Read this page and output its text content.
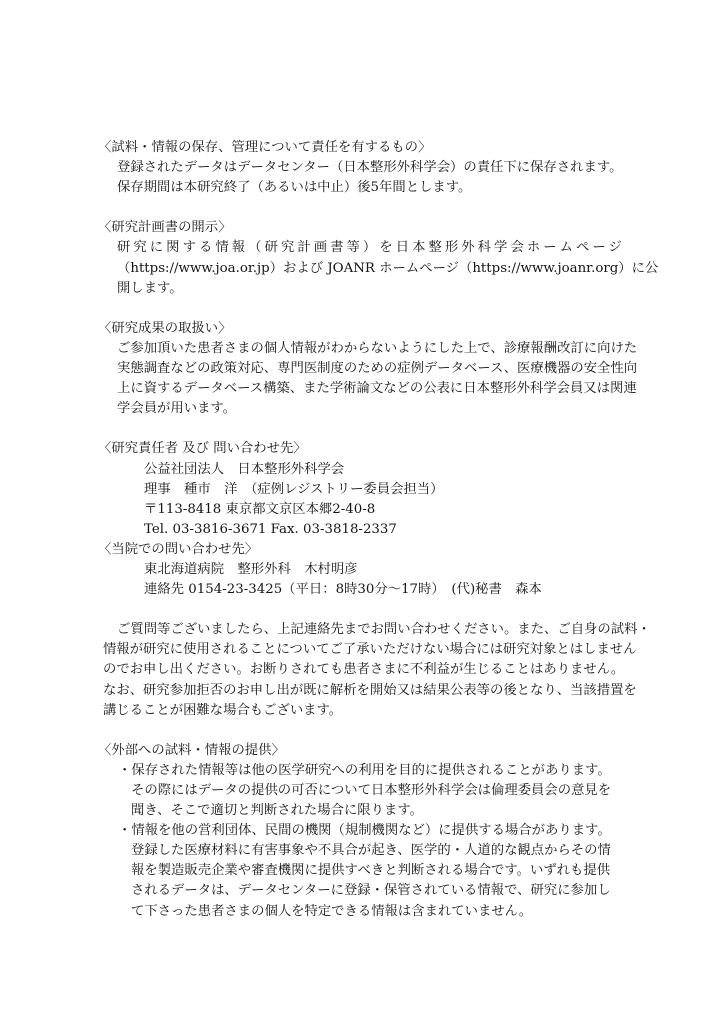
〈試料・情報の保存、管理について責任を有するもの〉
登録されたデータはデータセンター（日本整形外科学会）の責任下に保存されます。
保存期間は本研究終了（あるいは中止）後5年間とします。
〈研究計画書の開示〉
研究に関する情報（研究計画書等）を日本整形外科学会ホームページ
（https://www.joa.or.jp）および JOANR ホームページ（https://www.joanr.org）に公
開します。
〈研究成果の取扱い〉
ご参加頂いた患者さまの個人情報がわからないようにした上で、診療報酬改訂に向けた
実態調査などの政策対応、専門医制度のための症例データベース、医療機器の安全性向
上に資するデータベース構築、また学術論文などの公表に日本整形外科学会員又は関連
学会員が用います。
〈研究責任者 及び 問い合わせ先〉
公益社団法人　日本整形外科学会
理事　種市　洋　（症例レジストリー委員会担当）
〒113-8418 東京都文京区本郷2-40-8
Tel. 03-3816-3671 Fax. 03-3818-2337
〈当院での問い合わせ先〉
東北海道病院　整形外科　木村明彦
連絡先 0154-23-3425（平日：8時30分～17時）　(代)秘書　森本
ご質問等ございましたら、上記連絡先までお問い合わせください。また、ご自身の試料・
情報が研究に使用されることについてご了承いただけない場合には研究対象とはしません
のでお申し出ください。お断りされても患者さまに不利益が生じることはありません。
なお、研究参加拒否のお申し出が既に解析を開始又は結果公表等の後となり、当該措置を
講じることが困難な場合もございます。
〈外部への試料・情報の提供〉
・保存された情報等は他の医学研究への利用を目的に提供されることがあります。
その際にはデータの提供の可否について日本整形外科学会は倫理委員会の意見を
聞き、そこで適切と判断された場合に限ります。
・情報を他の営利団体、民間の機関（規制機関など）に提供する場合があります。
登録した医療材料に有害事象や不具合が起き、医学的・人道的な観点からその情
報を製造販売企業や審査機関に提供すべきと判断される場合です。いずれも提供
されるデータは、データセンターに登録・保管されている情報で、研究に参加し
て下さった患者さまの個人を特定できる情報は含まれていません。
